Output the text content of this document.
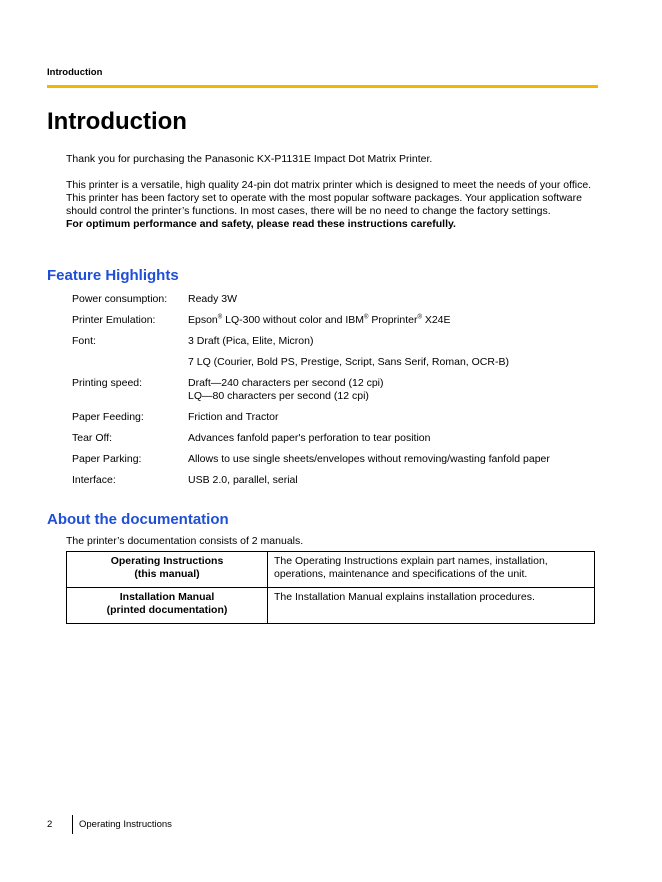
Introduction
Introduction

Thank you for purchasing the Panasonic KX-P1131E Impact Dot Matrix Printer.

This printer is a versatile, high quality 24-pin dot matrix printer which is designed to meet the needs of your office.

This printer has been factory set to operate with the most popular software packages. Your application software should control the printer’s functions. In most cases, there will be no need to change the factory settings.

For optimum performance and safety, please read these instructions carefully.

Feature Highlights
Power consumption:	Ready 3W
Printer Emulation:	Epson® LQ-300 without color and IBM® Proprinter® X24E
Font:	3 Draft (Pica, Elite, Micron)
7 LQ (Courier, Bold PS, Prestige, Script, Sans Serif, Roman, OCR-B)
Printing speed:	Draft—240 characters per second (12 cpi)
LQ—80 characters per second (12 cpi)
Paper Feeding:	Friction and Tractor
Tear Off:	Advances fanfold paper's perforation to tear position
Paper Parking:	Allows to use single sheets/envelopes without removing/wasting fanfold paper
Interface:	USB 2.0, parallel, serial
About the documentation
The printer’s documentation consists of 2 manuals.
Operating Instructions
(this manual)	The Operating Instructions explain part names, installation, operations, maintenance and specifications of the unit.
Installation Manual
(printed documentation)	The Installation Manual explains installation procedures.
2	Operating Instructions
